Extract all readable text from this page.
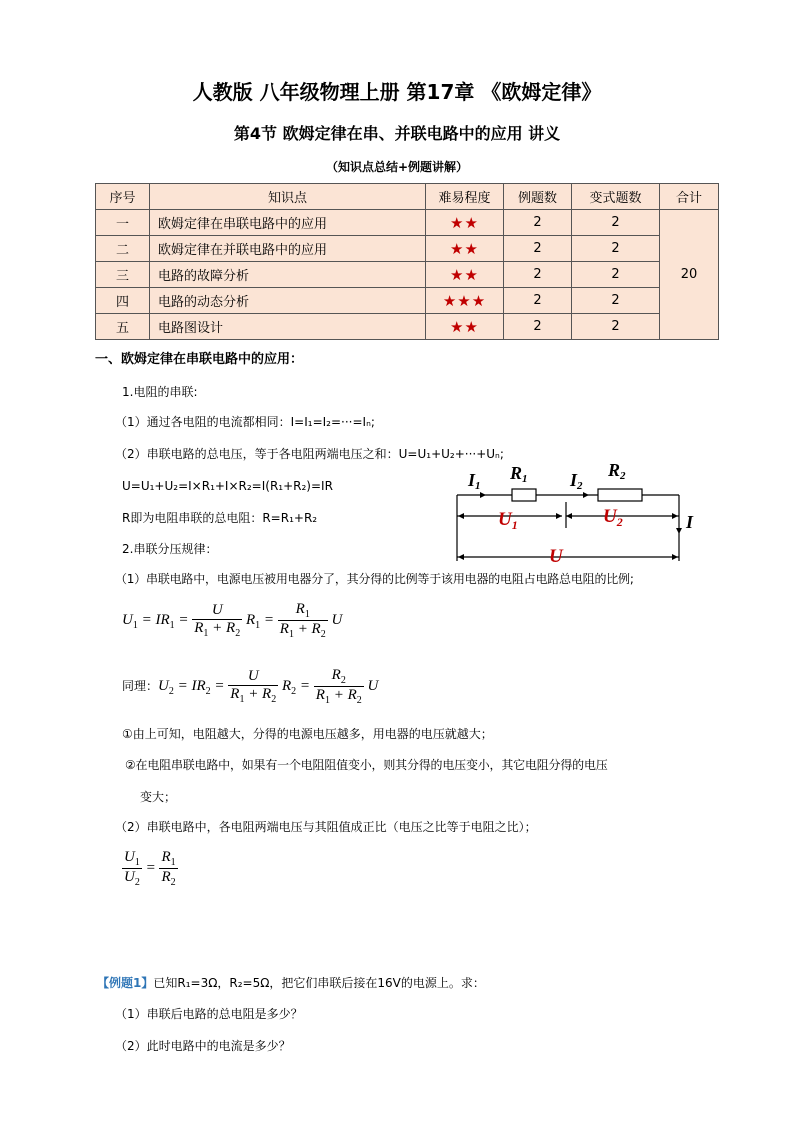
人教版 八年级物理上册 第17章 《欧姆定律》
第4节 欧姆定律在串、并联电路中的应用 讲义
（知识点总结+例题讲解）
序号	知识点	难易程度	例题数	变式题数	合计
一	欧姆定律在串联电路中的应用	★★	2	2	20
二	欧姆定律在并联电路中的应用	★★	2	2	
三	电路的故障分析	★★	2	2	
四	电路的动态分析	★★★	2	2	
五	电路图设计	★★	2	2	
一、欧姆定律在串联电路中的应用：
1.电阻的串联:
（1）通过各电阻的电流都相同：I=I₁=I₂=···=Iₙ;
（2）串联电路的总电压，等于各电阻两端电压之和：U=U₁+U₂+···+Uₙ;
U=U₁+U₂=I×R₁+I×R₂=I(R₁+R₂)=IR
R即为电阻串联的总电阻：R=R₁+R₂
I1
R1 I2
R2
$U_1$	$U_2$
U
I
2.串联分压规律：
（1）串联电路中，电源电压被用电器分了，其分得的比例等于该用电器的电阻占电路总电阻的比例;
$U_1 = IR_1 = \frac{U}{R_1 + R_2} R_1 = \frac{R_1}{R_1 + R_2}$ U
同理：$U_2 = IR_2 = \frac{U}{R_1 + R_2} R_2 = \frac{R_2}{R_1 + R_2}$ U
①由上可知，电阻越大，分得的电源电压越多，用电器的电压就越大；
②在电阻串联电路中，如果有一个电阻阻值变小，则其分得的电压变小，其它电阻分得的电压
变大；
（2）串联电路中，各电阻两端电压与其阻值成正比（电压之比等于电阻之比）；
$\frac{U_1}{U_2} = \frac{R_1}{R_2}$
【例题1】已知R₁=3Ω，R₂=5Ω，把它们串联后接在16V的电源上。求：
（1）串联后电路的总电阻是多少？
（2）此时电路中的电流是多少？
